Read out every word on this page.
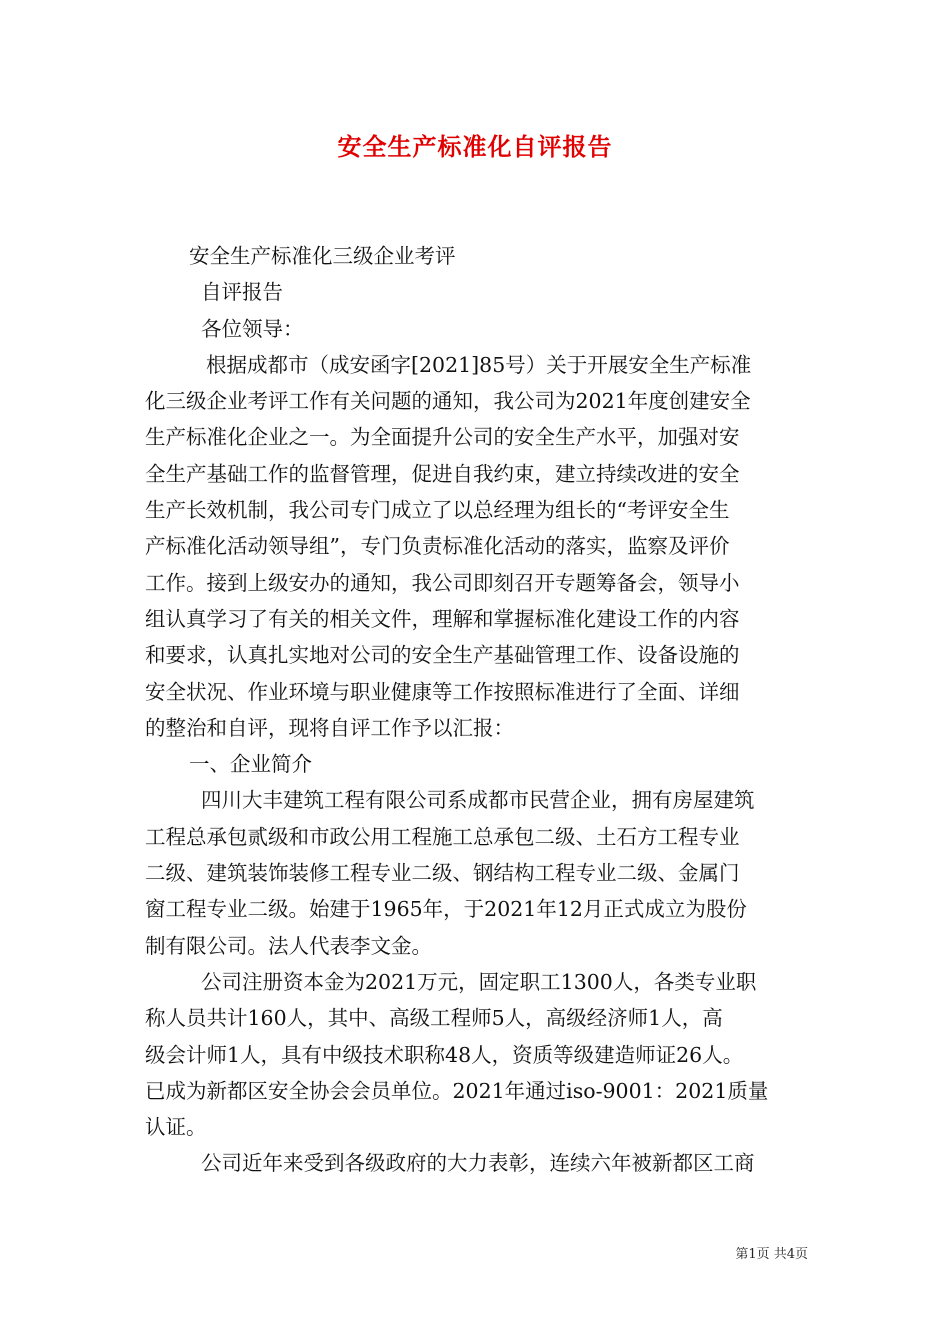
安全生产标准化自评报告
安全生产标准化三级企业考评
自评报告
各位领导：
根据成都市（成安函字[2021]85号）关于开展安全生产标准
化三级企业考评工作有关问题的通知，我公司为2021年度创建安全
生产标准化企业之一。为全面提升公司的安全生产水平，加强对安
全生产基础工作的监督管理，促进自我约束，建立持续改进的安全
生产长效机制，我公司专门成立了以总经理为组长的“考评安全生
产标准化活动领导组”，专门负责标准化活动的落实，监察及评价
工作。接到上级安办的通知，我公司即刻召开专题筹备会，领导小
组认真学习了有关的相关文件，理解和掌握标准化建设工作的内容
和要求，认真扎实地对公司的安全生产基础管理工作、设备设施的
安全状况、作业环境与职业健康等工作按照标准进行了全面、详细
的整治和自评，现将自评工作予以汇报：
一、企业简介
四川大丰建筑工程有限公司系成都市民营企业，拥有房屋建筑
工程总承包贰级和市政公用工程施工总承包二级、土石方工程专业
二级、建筑装饰装修工程专业二级、钢结构工程专业二级、金属门
窗工程专业二级。始建于1965年，于2021年12月正式成立为股份
制有限公司。法人代表李文金。
公司注册资本金为2021万元，固定职工1300人，各类专业职
称人员共计160人，其中、高级工程师5人，高级经济师1人，高
级会计师1人，具有中级技术职称48人，资质等级建造师证26人。
已成为新都区安全协会会员单位。2021年通过iso-9001：2021质量
认证。
公司近年来受到各级政府的大力表彰，连续六年被新都区工商
第1页 共4页
